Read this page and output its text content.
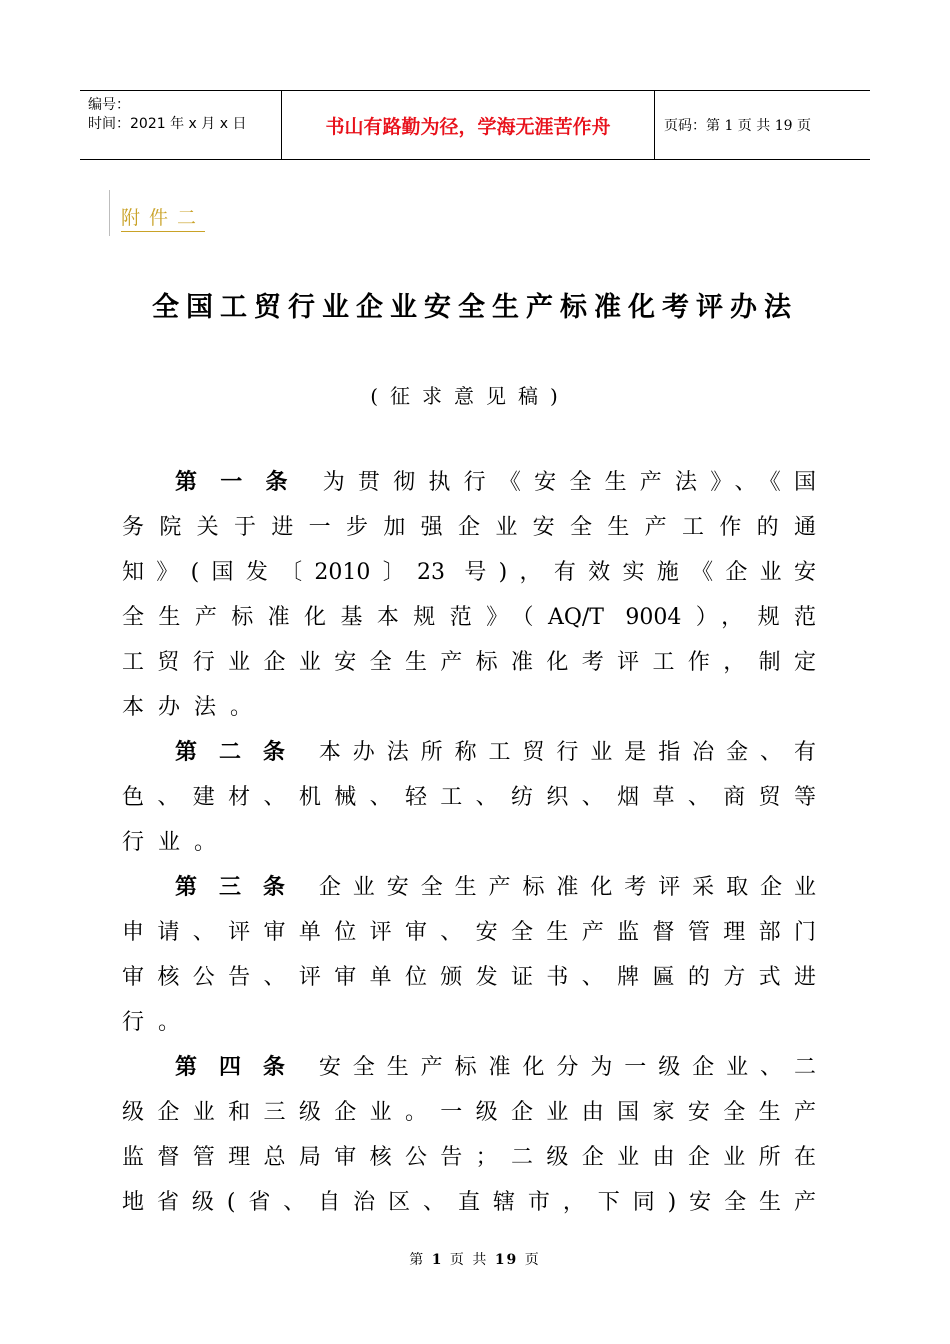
编号：
时间：2021 年 x 月 x 日	书山有路勤为径，学海无涯苦作舟	页码：第 1 页 共 19 页
附件二
全国工贸行业企业安全生产标准化考评办法
(征求意见稿)
第一条 为贯彻执行《安全生产法》、《国
务院关于进一步加强企业安全生产工作的通
知》(国发〔2010〕23 号)，有效实施《企业安
全生产标准化基本规范》（AQ/T 9004），规范
工贸行业企业安全生产标准化考评工作，制定
本办法。
第二条 本办法所称工贸行业是指冶金、有
色、建材、机械、轻工、纺织、烟草、商贸等
行业。
第三条 企业安全生产标准化考评采取企业
申请、评审单位评审、安全生产监督管理部门
审核公告、评审单位颁发证书、牌匾的方式进
行。
第四条 安全生产标准化分为一级企业、二
级企业和三级企业。一级企业由国家安全生产
监督管理总局审核公告；二级企业由企业所在
地省级(省、自治区、直辖市，下同)安全生产
第 1 页 共 19 页
